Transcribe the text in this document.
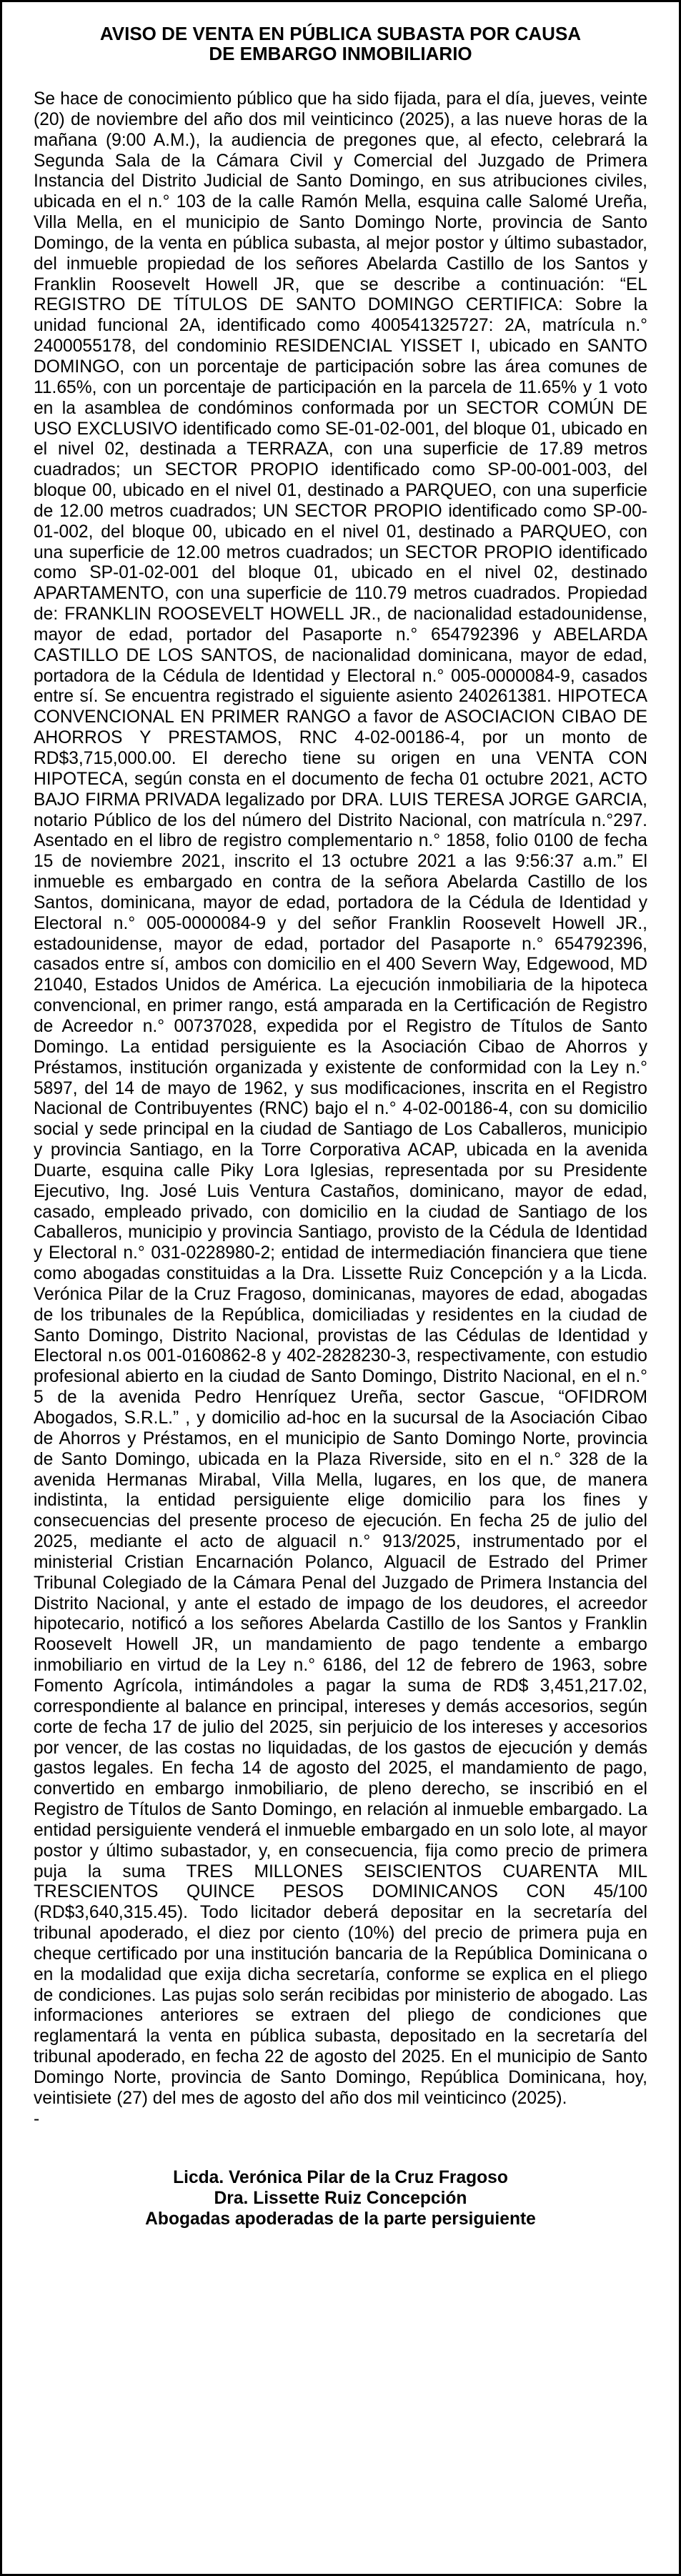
AVISO DE VENTA EN PÚBLICA SUBASTA POR CAUSA
DE EMBARGO INMOBILIARIO

Se hace de conocimiento público que ha sido fijada, para el día, jueves, veinte (20) de noviembre del año dos mil veinticinco (2025), a las nueve horas de la mañana (9:00 A.M.), la audiencia de pregones que, al efecto, celebrará la Segunda Sala de la Cámara Civil y Comercial del Juzgado de Primera Instancia del Distrito Judicial de Santo Domingo, en sus atribuciones civiles, ubicada en el n.° 103 de la calle Ramón Mella, esquina calle Salomé Ureña, Villa Mella, en el municipio de Santo Domingo Norte, provincia de Santo Domingo, de la venta en pública subasta, al mejor postor y último subastador, del inmueble propiedad de los señores Abelarda Castillo de los Santos y Franklin Roosevelt Howell JR, que se describe a continuación: “EL REGISTRO DE TÍTULOS DE SANTO DOMINGO CERTIFICA: Sobre la unidad funcional 2A, identificado como 400541325727: 2A, matrícula n.° 2400055178, del condominio RESIDENCIAL YISSET I, ubicado en SANTO DOMINGO, con un porcentaje de participación sobre las área comunes de 11.65%, con un porcentaje de participación en la parcela de 11.65% y 1 voto en la asamblea de condóminos conformada por un SECTOR COMÚN DE USO EXCLUSIVO identificado como SE-01-02-001, del bloque 01, ubicado en el nivel 02, destinada a TERRAZA, con una superficie de 17.89 metros cuadrados; un SECTOR PROPIO identificado como SP-00-001-003, del bloque 00, ubicado en el nivel 01, destinado a PARQUEO, con una superficie de 12.00 metros cuadrados; UN SECTOR PROPIO identificado como SP-00-01-002, del bloque 00, ubicado en el nivel 01, destinado a PARQUEO, con una superficie de 12.00 metros cuadrados; un SECTOR PROPIO identificado como SP-01-02-001 del bloque 01, ubicado en el nivel 02, destinado APARTAMENTO, con una superficie de 110.79 metros cuadrados. Propiedad de: FRANKLIN ROOSEVELT HOWELL JR., de nacionalidad estadounidense, mayor de edad, portador del Pasaporte n.° 654792396 y ABELARDA CASTILLO DE LOS SANTOS, de nacionalidad dominicana, mayor de edad, portadora de la Cédula de Identidad y Electoral n.° 005-0000084-9, casados entre sí. Se encuentra registrado el siguiente asiento 240261381. HIPOTECA CONVENCIONAL EN PRIMER RANGO a favor de ASOCIACION CIBAO DE AHORROS Y PRESTAMOS, RNC 4-02-00186-4, por un monto de RD$3,715,000.00. El derecho tiene su origen en una VENTA CON HIPOTECA, según consta en el documento de fecha 01 octubre 2021, ACTO BAJO FIRMA PRIVADA legalizado por DRA. LUIS TERESA JORGE GARCIA, notario Público de los del número del Distrito Nacional, con matrícula n.°297. Asentado en el libro de registro complementario n.° 1858, folio 0100 de fecha 15 de noviembre 2021, inscrito el 13 octubre 2021 a las 9:56:37 a.m.” El inmueble es embargado en contra de la señora Abelarda Castillo de los Santos, dominicana, mayor de edad, portadora de la Cédula de Identidad y Electoral n.° 005-0000084-9 y del señor Franklin Roosevelt Howell JR., estadounidense, mayor de edad, portador del Pasaporte n.° 654792396, casados entre sí, ambos con domicilio en el 400 Severn Way, Edgewood, MD 21040, Estados Unidos de América. La ejecución inmobiliaria de la hipoteca convencional, en primer rango, está amparada en la Certificación de Registro de Acreedor n.° 00737028, expedida por el Registro de Títulos de Santo Domingo. La entidad persiguiente es la Asociación Cibao de Ahorros y Préstamos, institución organizada y existente de conformidad con la Ley n.° 5897, del 14 de mayo de 1962, y sus modificaciones, inscrita en el Registro Nacional de Contribuyentes (RNC) bajo el n.° 4-02-00186-4, con su domicilio social y sede principal en la ciudad de Santiago de Los Caballeros, municipio y provincia Santiago, en la Torre Corporativa ACAP, ubicada en la avenida Duarte, esquina calle Piky Lora Iglesias, representada por su Presidente Ejecutivo, Ing. José Luis Ventura Castaños, dominicano, mayor de edad, casado, empleado privado, con domicilio en la ciudad de Santiago de los Caballeros, municipio y provincia Santiago, provisto de la Cédula de Identidad y Electoral n.° 031-0228980-2; entidad de intermediación financiera que tiene como abogadas constituidas a la Dra. Lissette Ruiz Concepción y a la Licda. Verónica Pilar de la Cruz Fragoso, dominicanas, mayores de edad, abogadas de los tribunales de la República, domiciliadas y residentes en la ciudad de Santo Domingo, Distrito Nacional, provistas de las Cédulas de Identidad y Electoral n.os 001-0160862-8 y 402-2828230-3, respectivamente, con estudio profesional abierto en la ciudad de Santo Domingo, Distrito Nacional, en el n.° 5 de la avenida Pedro Henríquez Ureña, sector Gascue, “OFIDROM Abogados, S.R.L.” , y domicilio ad-hoc en la sucursal de la Asociación Cibao de Ahorros y Préstamos, en el municipio de Santo Domingo Norte, provincia de Santo Domingo, ubicada en la Plaza Riverside, sito en el n.° 328 de la avenida Hermanas Mirabal, Villa Mella, lugares, en los que, de manera indistinta, la entidad persiguiente elige domicilio para los fines y consecuencias del presente proceso de ejecución. En fecha 25 de julio del 2025, mediante el acto de alguacil n.° 913/2025, instrumentado por el ministerial Cristian Encarnación Polanco, Alguacil de Estrado del Primer Tribunal Colegiado de la Cámara Penal del Juzgado de Primera Instancia del Distrito Nacional, y ante el estado de impago de los deudores, el acreedor hipotecario, notificó a los señores Abelarda Castillo de los Santos y Franklin Roosevelt Howell JR, un mandamiento de pago tendente a embargo inmobiliario en virtud de la Ley n.° 6186, del 12 de febrero de 1963, sobre Fomento Agrícola, intimándoles a pagar la suma de RD$ 3,451,217.02, correspondiente al balance en principal, intereses y demás accesorios, según corte de fecha 17 de julio del 2025, sin perjuicio de los intereses y accesorios por vencer, de las costas no liquidadas, de los gastos de ejecución y demás gastos legales. En fecha 14 de agosto del 2025, el mandamiento de pago, convertido en embargo inmobiliario, de pleno derecho, se inscribió en el Registro de Títulos de Santo Domingo, en relación al inmueble embargado. La entidad persiguiente venderá el inmueble embargado en un solo lote, al mayor postor y último subastador, y, en consecuencia, fija como precio de primera puja la suma TRES MILLONES SEISCIENTOS CUARENTA MIL TRESCIENTOS QUINCE PESOS DOMINICANOS CON 45/100 (RD$3,640,315.45). Todo licitador deberá depositar en la secretaría del tribunal apoderado, el diez por ciento (10%) del precio de primera puja en cheque certificado por una institución bancaria de la República Dominicana o en la modalidad que exija dicha secretaría, conforme se explica en el pliego de condiciones. Las pujas solo serán recibidas por ministerio de abogado. Las informaciones anteriores se extraen del pliego de condiciones que reglamentará la venta en pública subasta, depositado en la secretaría del tribunal apoderado, en fecha 22 de agosto del 2025. En el municipio de Santo Domingo Norte, provincia de Santo Domingo, República Dominicana, hoy, veintisiete (27) del mes de agosto del año dos mil veinticinco (2025).

-

Licda. Verónica Pilar de la Cruz Fragoso
Dra. Lissette Ruiz Concepción
Abogadas apoderadas de la parte persiguiente
